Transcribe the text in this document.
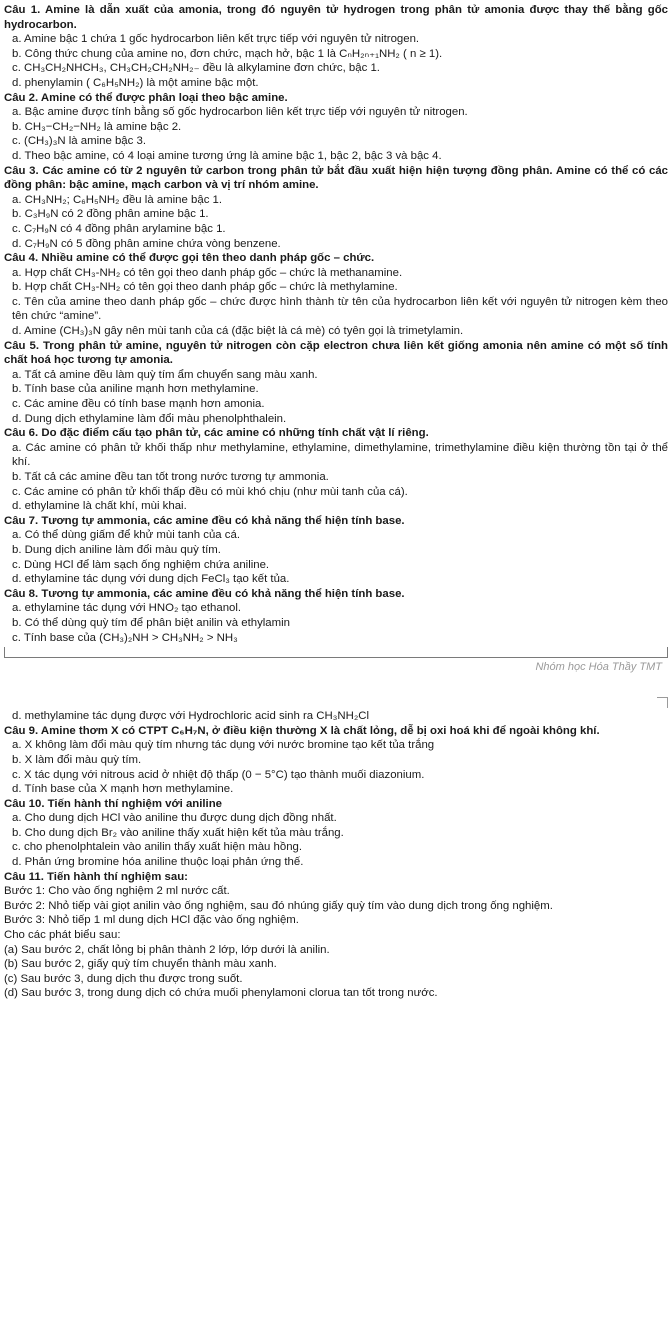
Câu 1. Amine là dẫn xuất của amonia, trong đó nguyên tử hydrogen trong phân tử amonia được thay thế bằng gốc hydrocarbon.

a. Amine bậc 1 chứa 1 gốc hydrocarbon liên kết trực tiếp với nguyên tử nitrogen.

b. Công thức chung của amine no, đơn chức, mạch hở, bậc 1 là CₙH₂ₙ₊₁NH₂ ( n ≥ 1).

c. CH₃CH₂NHCH₃, CH₃CH₂CH₂NH₂₋ đều là alkylamine đơn chức, bậc 1.

d. phenylamin ( C₆H₅NH₂) là một amine bậc một.

Câu 2. Amine có thể được phân loại theo bậc amine.

a. Bậc amine được tính bằng số gốc hydrocarbon liên kết trực tiếp với nguyên tử nitrogen.

b. CH₃−CH₂−NH₂ là amine bậc 2.

c. (CH₃)₃N là amine bậc 3.

d. Theo bậc amine, có 4 loại amine tương ứng là amine bậc 1, bậc 2, bậc 3 và bậc 4.

Câu 3. Các amine có từ 2 nguyên tử carbon trong phân tử bắt đầu xuất hiện hiện tượng đồng phân. Amine có thể có các đồng phân: bậc amine, mạch carbon và vị trí nhóm amine.

a. CH₃NH₂; C₆H₅NH₂ đều là amine bậc 1.

b. C₃H₉N có 2 đồng phân amine bậc 1.

c. C₇H₉N có 4 đồng phân arylamine bậc 1.

d. C₇H₉N có 5 đồng phân amine chứa vòng benzene.

Câu 4. Nhiều amine có thể được gọi tên theo danh pháp gốc – chức.

a. Hợp chất CH₃-NH₂ có tên gọi theo danh pháp gốc – chức là methanamine.

b. Hợp chất CH₃-NH₂ có tên gọi theo danh pháp gốc – chức là methylamine.

c. Tên của amine theo danh pháp gốc – chức được hình thành từ tên của hydrocarbon liên kết với nguyên tử nitrogen kèm theo tên chức “amine”.

d. Amine (CH₃)₃N gây nên mùi tanh của cá (đặc biệt là cá mè) có tyên gọi là trimetylamin.

Câu 5. Trong phân tử amine, nguyên tử nitrogen còn cặp electron chưa liên kết giống amonia nên amine có một số tính chất hoá học tương tự amonia.

a. Tất cả amine đều làm quỳ tím ẩm chuyển sang màu xanh.

b. Tính base của aniline mạnh hơn methylamine.

c. Các amine đều có tính base mạnh hơn amonia.

d. Dung dịch ethylamine làm đổi màu phenolphthalein.

Câu 6. Do đặc điểm cấu tạo phân tử, các amine có những tính chất vật lí riêng.

a. Các amine có phân tử khối thấp như methylamine, ethylamine, dimethylamine, trimethylamine điều kiện thường tồn tại ở thể khí.

b. Tất cả các amine đều tan tốt trong nước tương tự ammonia.

c. Các amine có phân tử khối thấp đều có mùi khó chịu (như mùi tanh của cá).

d. ethylamine là chất khí, mùi khai.

Câu 7. Tương tự ammonia, các amine đều có khả năng thể hiện tính base.

a. Có thể dùng giấm để khử mùi tanh của cá.

b. Dung dịch aniline làm đổi màu quỳ tím.

c. Dùng HCl để làm sạch ống nghiệm chứa aniline.

d. ethylamine tác dụng với dung dịch FeCl₃ tạo kết tủa.

Câu 8. Tương tự ammonia, các amine đều có khả năng thể hiện tính base.

a. ethylamine tác dụng với HNO₂ tạo ethanol.

b. Có thể dùng quỳ tím để phân biệt anilin và ethylamin

c. Tính base của (CH₃)₂NH > CH₃NH₂ > NH₃

Nhóm học Hóa Thầy TMT

d. methylamine tác dụng được với Hydrochloric acid sinh ra CH₃NH₂Cl

Câu 9. Amine thơm X có CTPT C₆H₇N, ở điều kiện thường X là chất lỏng, dễ bị oxi hoá khi để ngoài không khí.

a. X không làm đổi màu quỳ tím nhưng tác dụng với nước bromine tạo kết tủa trắng

b. X làm đổi màu quỳ tím.

c. X tác dụng với nitrous acid ở nhiệt độ thấp (0 − 5°C) tạo thành muối diazonium.

d. Tính base của X mạnh hơn methylamine.

Câu 10. Tiến hành thí nghiệm với aniline

a. Cho dung dịch HCl vào aniline thu được dung dịch đồng nhất.

b. Cho dung dịch Br₂ vào aniline thấy xuất hiện kết tủa màu trắng.

c. cho phenolphtalein vào anilin thấy xuất hiện màu hồng.

d. Phản ứng bromine hóa aniline thuộc loại phản ứng thế.

Câu 11. Tiến hành thí nghiệm sau:

Bước 1: Cho vào ống nghiệm 2 ml nước cất.

Bước 2: Nhỏ tiếp vài giọt anilin vào ống nghiệm, sau đó nhúng giấy quỳ tím vào dung dịch trong ống nghiệm.

Bước 3: Nhỏ tiếp 1 ml dung dịch HCl đặc vào ống nghiệm.

Cho các phát biểu sau:

(a) Sau bước 2, chất lỏng bị phân thành 2 lớp, lớp dưới là anilin.

(b) Sau bước 2, giấy quỳ tím chuyển thành màu xanh.

(c) Sau bước 3, dung dịch thu được trong suốt.

(d) Sau bước 3, trong dung dịch có chứa muối phenylamoni clorua tan tốt trong nước.
